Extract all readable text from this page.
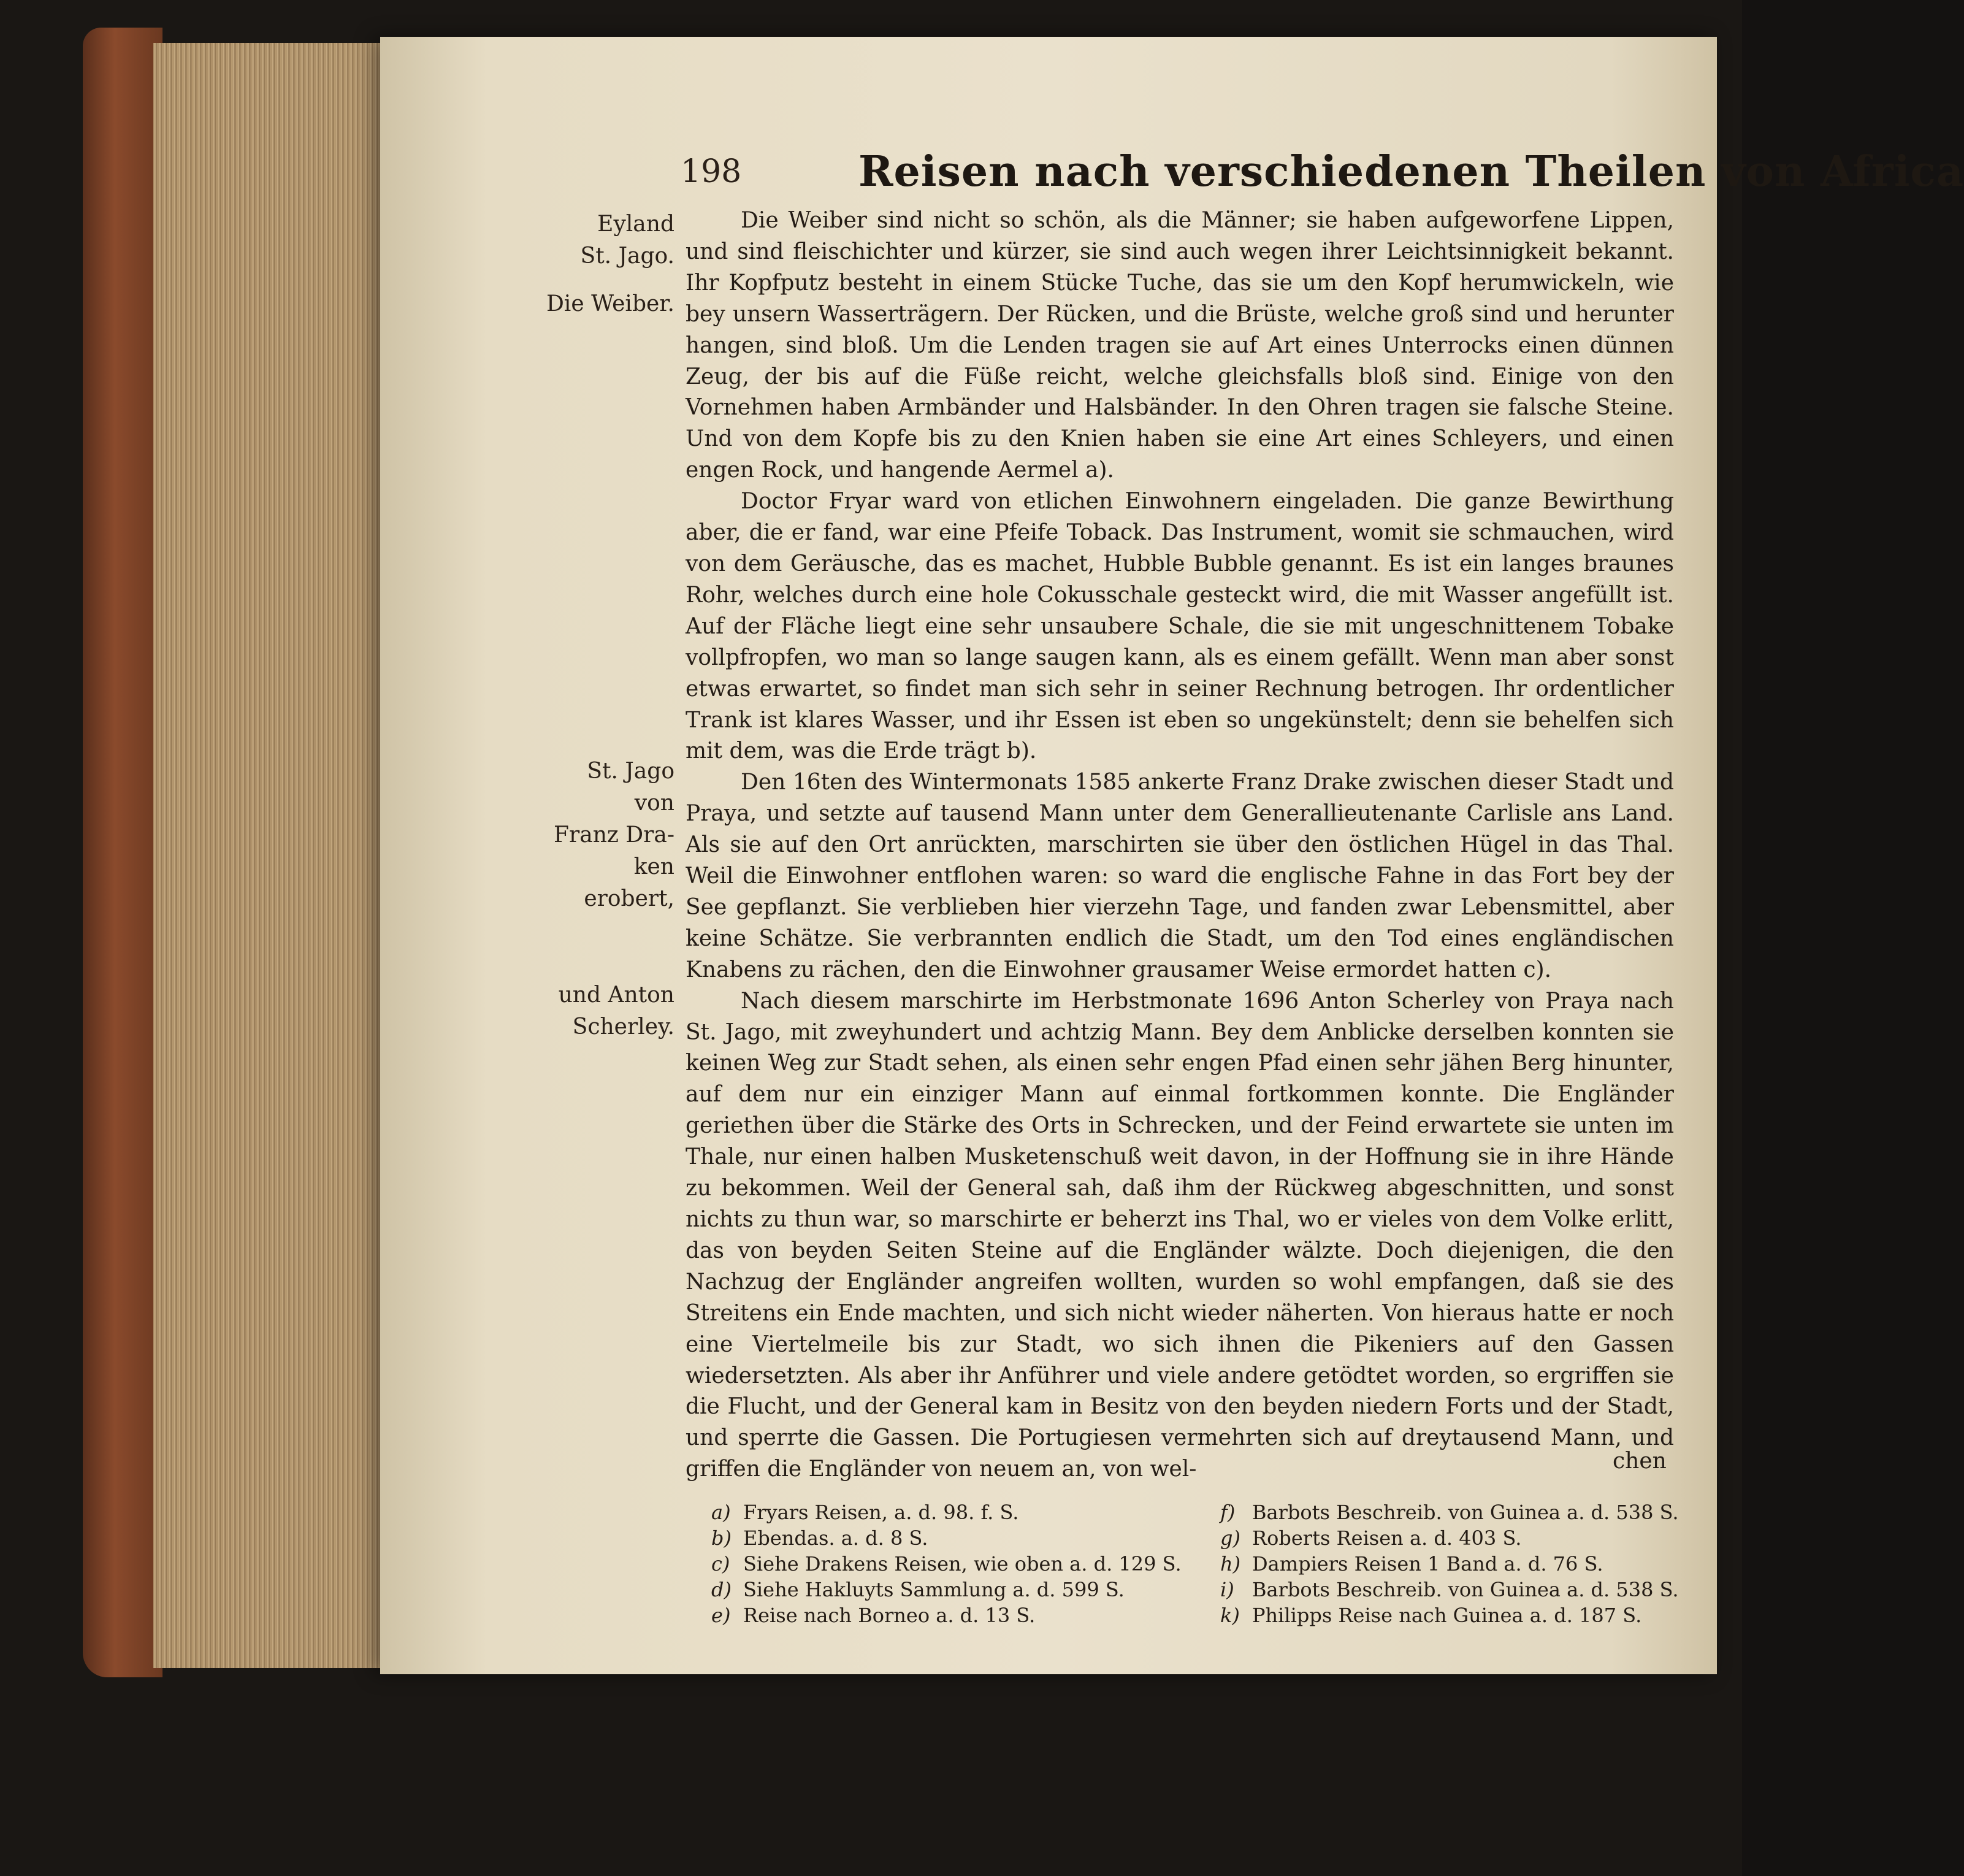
198	Reisen nach verschiedenen Theilen von Africa
Eyland
St. Jago.
Die Weiber.
St. Jago von
Franz Dra-
ken erobert,
und Anton
Scherley.

Die Weiber sind nicht so schön, als die Männer; sie haben aufgeworfene Lippen, und sind fleischichter und kürzer, sie sind auch wegen ihrer Leichtsinnigkeit bekannt. Ihr Kopfputz besteht in einem Stücke Tuche, das sie um den Kopf herumwickeln, wie bey unsern Wasserträgern. Der Rücken, und die Brüste, welche groß sind und herunter hangen, sind bloß. Um die Lenden tragen sie auf Art eines Unterrocks einen dünnen Zeug, der bis auf die Füße reicht, welche gleichsfalls bloß sind. Einige von den Vornehmen haben Armbänder und Halsbänder. In den Ohren tragen sie falsche Steine. Und von dem Kopfe bis zu den Knien haben sie eine Art eines Schleyers, und einen engen Rock, und hangende Aermel a).

Doctor Fryar ward von etlichen Einwohnern eingeladen. Die ganze Bewirthung aber, die er fand, war eine Pfeife Toback. Das Instrument, womit sie schmauchen, wird von dem Geräusche, das es machet, Hubble Bubble genannt. Es ist ein langes braunes Rohr, welches durch eine hole Cokusschale gesteckt wird, die mit Wasser angefüllt ist. Auf der Fläche liegt eine sehr unsaubere Schale, die sie mit ungeschnittenem Tobake vollpfropfen, wo man so lange saugen kann, als es einem gefällt. Wenn man aber sonst etwas erwartet, so findet man sich sehr in seiner Rechnung betrogen. Ihr ordentlicher Trank ist klares Wasser, und ihr Essen ist eben so ungekünstelt; denn sie behelfen sich mit dem, was die Erde trägt b).

Den 16ten des Wintermonats 1585 ankerte Franz Drake zwischen dieser Stadt und Praya, und setzte auf tausend Mann unter dem Generallieutenante Carlisle ans Land. Als sie auf den Ort anrückten, marschirten sie über den östlichen Hügel in das Thal. Weil die Einwohner entflohen waren: so ward die englische Fahne in das Fort bey der See gepflanzt. Sie verblieben hier vierzehn Tage, und fanden zwar Lebensmittel, aber keine Schätze. Sie verbrannten endlich die Stadt, um den Tod eines engländischen Knabens zu rächen, den die Einwohner grausamer Weise ermordet hatten c).

Nach diesem marschirte im Herbstmonate 1696 Anton Scherley von Praya nach St. Jago, mit zweyhundert und achtzig Mann. Bey dem Anblicke derselben konnten sie keinen Weg zur Stadt sehen, als einen sehr engen Pfad einen sehr jähen Berg hinunter, auf dem nur ein einziger Mann auf einmal fortkommen konnte. Die Engländer geriethen über die Stärke des Orts in Schrecken, und der Feind erwartete sie unten im Thale, nur einen halben Musketenschuß weit davon, in der Hoffnung sie in ihre Hände zu bekommen. Weil der General sah, daß ihm der Rückweg abgeschnitten, und sonst nichts zu thun war, so marschirte er beherzt ins Thal, wo er vieles von dem Volke erlitt, das von beyden Seiten Steine auf die Engländer wälzte. Doch diejenigen, die den Nachzug der Engländer angreifen wollten, wurden so wohl empfangen, daß sie des Streitens ein Ende machten, und sich nicht wieder näherten. Von hieraus hatte er noch eine Viertelmeile bis zur Stadt, wo sich ihnen die Pikeniers auf den Gassen wiedersetzten. Als aber ihr Anführer und viele andere getödtet worden, so ergriffen sie die Flucht, und der General kam in Besitz von den beyden niedern Forts und der Stadt, und sperrte die Gassen. Die Portugiesen vermehrten sich auf dreytausend Mann, und griffen die Engländer von neuem an, von wel-	chen
a) Fryars Reisen, a. d. 98. f. S.
b) Ebendas. a. d. 8 S.
c) Siehe Drakens Reisen, wie oben a. d. 129 S.
d) Siehe Hakluyts Sammlung a. d. 599 S.
e) Reise nach Borneo a. d. 13 S.
f) Barbots Beschreib. von Guinea a. d. 538 S.
g) Roberts Reisen a. d. 403 S.
h) Dampiers Reisen 1 Band a. d. 76 S.
i) Barbots Beschreib. von Guinea a. d. 538 S.
k) Philipps Reise nach Guinea a. d. 187 S.
